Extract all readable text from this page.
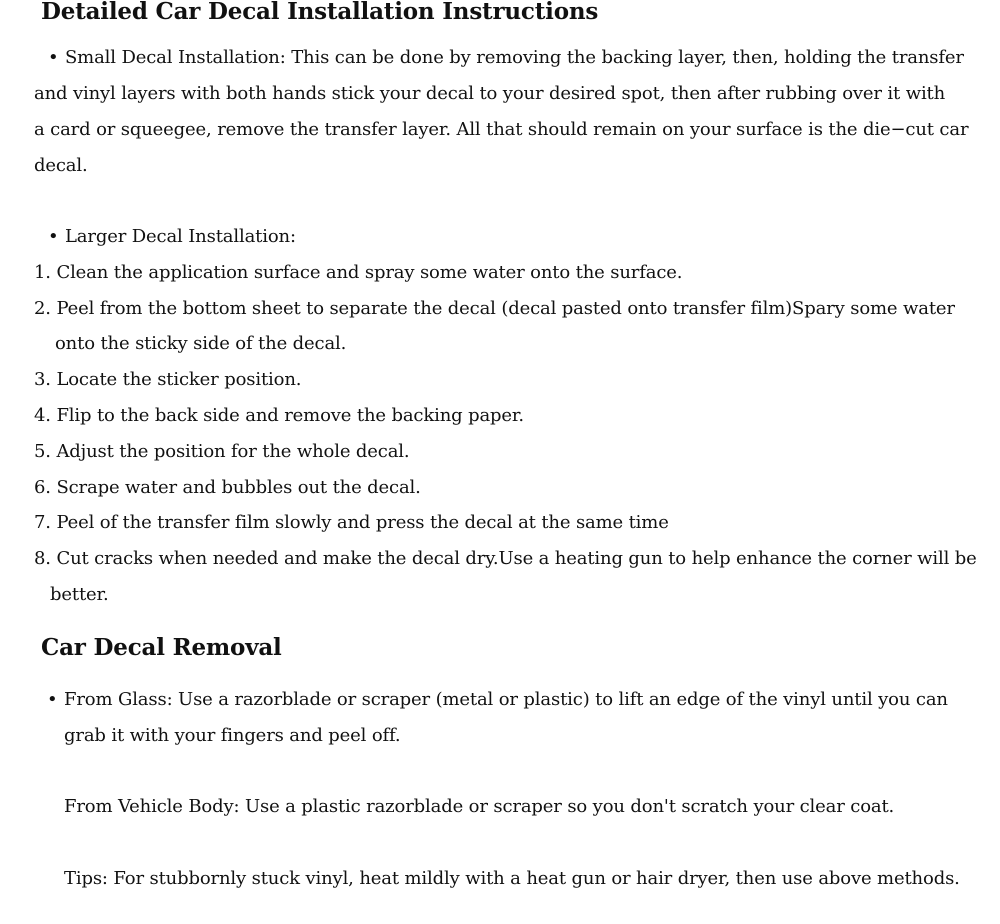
Detailed Car Decal Installation Instructions

• Small Decal Installation: This can be done by removing the backing layer, then, holding the transfer

and vinyl layers with both hands stick your decal to your desired spot, then after rubbing over it with

a card or squeegee, remove the transfer layer. All that should remain on your surface is the die−cut car

decal.

• Larger Decal Installation:

1. Clean the application surface and spray some water onto the surface.

2. Peel from the bottom sheet to separate the decal (decal pasted onto transfer film)Spary some water

onto the sticky side of the decal.

3. Locate the sticker position.

4. Flip to the back side and remove the backing paper.

5. Adjust the position for the whole decal.

6. Scrape water and bubbles out the decal.

7. Peel of the transfer film slowly and press the decal at the same time

8. Cut cracks when needed and make the decal dry.Use a heating gun to help enhance the corner will be

better.

Car Decal Removal

• From Glass: Use a razorblade or scraper (metal or plastic) to lift an edge of the vinyl until you can

grab it with your fingers and peel off.

From Vehicle Body: Use a plastic razorblade or scraper so you don't scratch your clear coat.

Tips: For stubbornly stuck vinyl, heat mildly with a heat gun or hair dryer, then use above methods.
